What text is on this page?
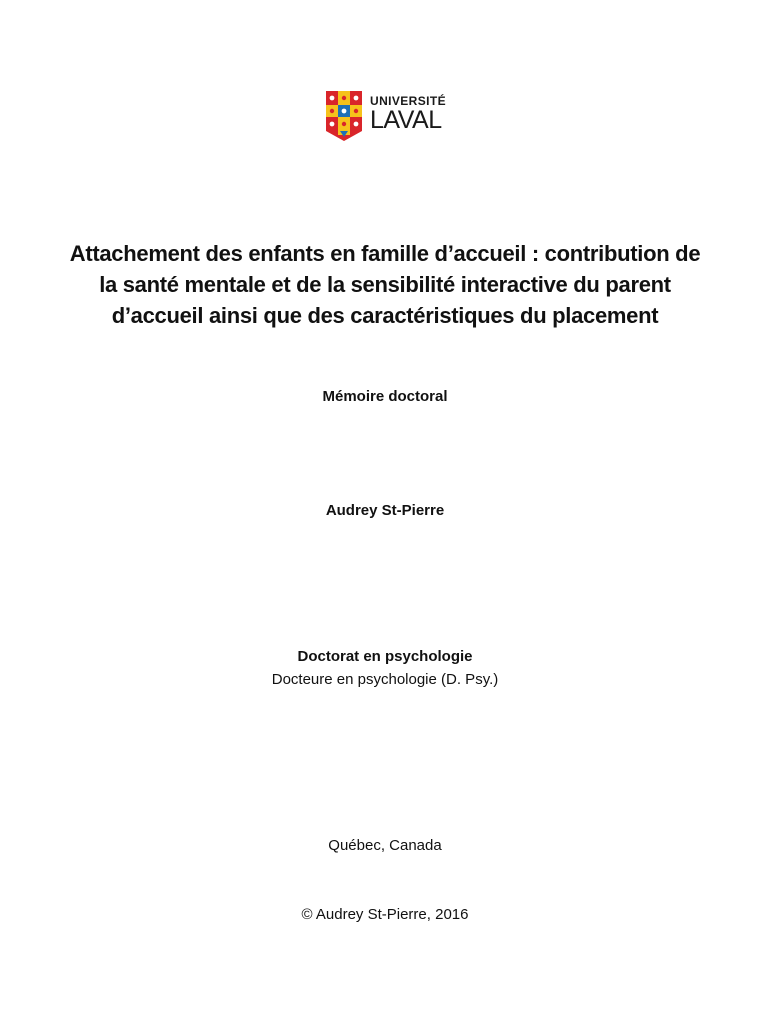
UNIVERSITÉ
LAVAL
Attachement des enfants en famille d’accueil : contribution de
la santé mentale et de la sensibilité interactive du parent
d’accueil ainsi que des caractéristiques du placement
Mémoire doctoral
Audrey St-Pierre
Doctorat en psychologie
Docteure en psychologie (D. Psy.)
Québec, Canada
© Audrey St-Pierre, 2016
